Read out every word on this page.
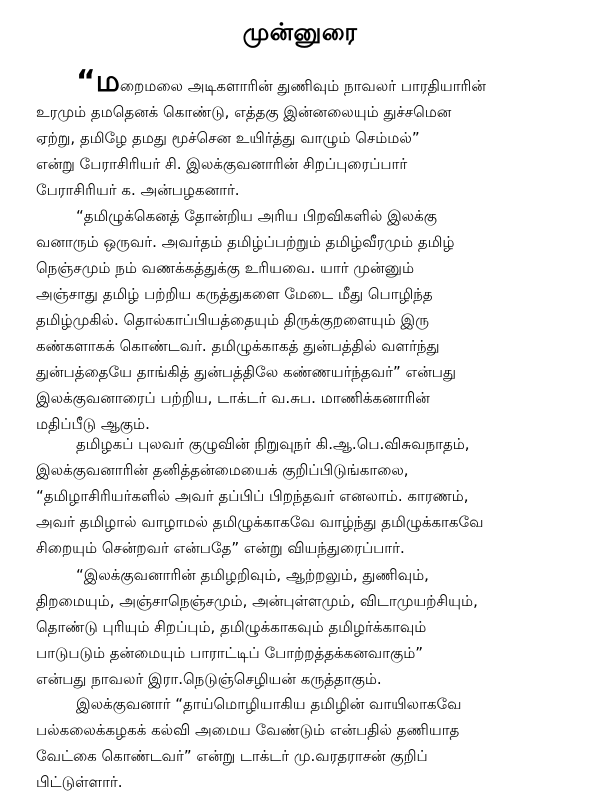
முன்னுரை
“மறைமலை அடிகளாரின் துணிவும் நாவலர் பாரதியாரின்
உரமும் தமதெனக் கொண்டு, எத்தகு இன்னலையும் துச்சமென
ஏற்று, தமிழே தமது மூச்சென உயிர்த்து வாழும் செம்மல்”
என்று பேராசிரியர் சி. இலக்குவனாரின் சிறப்புரைப்பார்
பேராசிரியர் க. அன்பழகனார்.
“தமிழுக்கெனத் தோன்றிய அரிய பிறவிகளில் இலக்கு
வனாரும் ஒருவர். அவர்தம் தமிழ்ப்பற்றும் தமிழ்வீரமும் தமிழ்
நெஞ்சமும் நம் வணக்கத்துக்கு உரியவை. யார் முன்னும்
அஞ்சாது தமிழ் பற்றிய கருத்துகளை மேடை மீது பொழிந்த
தமிழ்முகில். தொல்காப்பியத்தையும் திருக்குறளையும் இரு
கண்களாகக் கொண்டவர். தமிழுக்காகத் துன்பத்தில் வளர்ந்து
துன்பத்தையே தாங்கித் துன்பத்திலே கண்ணயர்ந்தவர்” என்பது
இலக்குவனாரைப் பற்றிய, டாக்டர் வ.சுப. மாணிக்கனாரின்
மதிப்பீடு ஆகும்.
தமிழகப் புலவர் குழுவின் நிறுவுநர் கி.ஆ.பெ.விசுவநாதம்,
இலக்குவனாரின் தனித்தன்மையைக் குறிப்பிடுங்காலை,
“தமிழாசிரியர்களில் அவர் தப்பிப் பிறந்தவர் எனலாம். காரணம்,
அவர் தமிழால் வாழாமல் தமிழுக்காகவே வாழ்ந்து தமிழுக்காகவே
சிறையும் சென்றவர் என்பதே” என்று வியந்துரைப்பார்.
“இலக்குவனாரின் தமிழறிவும், ஆற்றலும், துணிவும்,
திறமையும், அஞ்சாநெஞ்சமும், அன்புள்ளமும், விடாமுயற்சியும்,
தொண்டு புரியும் சிறப்பும், தமிழுக்காகவும் தமிழர்க்காவும்
பாடுபடும் தன்மையும் பாராட்டிப் போற்றத்தக்கனவாகும்”
என்பது நாவலர் இரா.நெடுஞ்செழியன் கருத்தாகும்.
இலக்குவனார் “தாய்மொழியாகிய தமிழின் வாயிலாகவே
பல்கலைக்கழகக் கல்வி அமைய வேண்டும் என்பதில் தணியாத
வேட்கை கொண்டவர்” என்று டாக்டர் மு.வரதராசன் குறிப்
பிட்டுள்ளார்.
